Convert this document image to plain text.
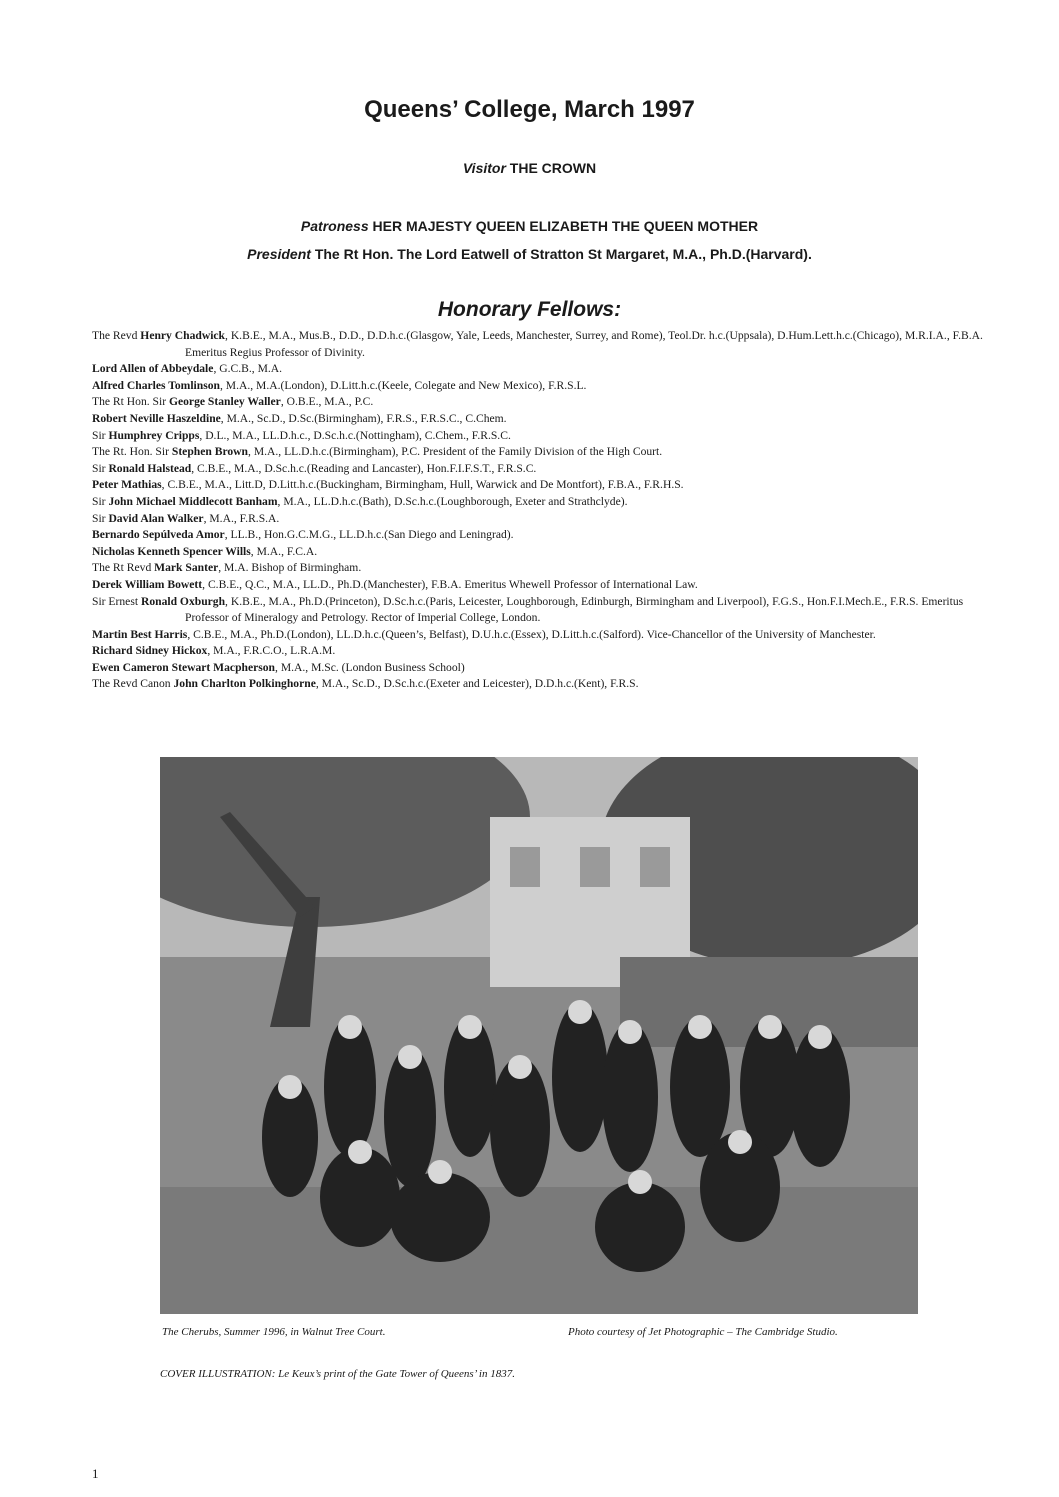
Queens’ College, March 1997
Visitor THE CROWN
Patroness HER MAJESTY QUEEN ELIZABETH THE QUEEN MOTHER
President The Rt Hon. The Lord Eatwell of Stratton St Margaret, M.A., Ph.D.(Harvard).
Honorary Fellows:
The Revd Henry Chadwick, K.B.E., M.A., Mus.B., D.D., D.D.h.c.(Glasgow, Yale, Leeds, Manchester, Surrey, and Rome), Teol.Dr. h.c.(Uppsala), D.Hum.Lett.h.c.(Chicago), M.R.I.A., F.B.A. Emeritus Regius Professor of Divinity.
Lord Allen of Abbeydale, G.C.B., M.A.
Alfred Charles Tomlinson, M.A., M.A.(London), D.Litt.h.c.(Keele, Colegate and New Mexico), F.R.S.L.
The Rt Hon. Sir George Stanley Waller, O.B.E., M.A., P.C.
Robert Neville Haszeldine, M.A., Sc.D., D.Sc.(Birmingham), F.R.S., F.R.S.C., C.Chem.
Sir Humphrey Cripps, D.L., M.A., LL.D.h.c., D.Sc.h.c.(Nottingham), C.Chem., F.R.S.C.
The Rt. Hon. Sir Stephen Brown, M.A., LL.D.h.c.(Birmingham), P.C. President of the Family Division of the High Court.
Sir Ronald Halstead, C.B.E., M.A., D.Sc.h.c.(Reading and Lancaster), Hon.F.I.F.S.T., F.R.S.C.
Peter Mathias, C.B.E., M.A., Litt.D, D.Litt.h.c.(Buckingham, Birmingham, Hull, Warwick and De Montfort), F.B.A., F.R.H.S.
Sir John Michael Middlecott Banham, M.A., LL.D.h.c.(Bath), D.Sc.h.c.(Loughborough, Exeter and Strathclyde).
Sir David Alan Walker, M.A., F.R.S.A.
Bernardo Sepúlveda Amor, LL.B., Hon.G.C.M.G., LL.D.h.c.(San Diego and Leningrad).
Nicholas Kenneth Spencer Wills, M.A., F.C.A.
The Rt Revd Mark Santer, M.A. Bishop of Birmingham.
Derek William Bowett, C.B.E., Q.C., M.A., LL.D., Ph.D.(Manchester), F.B.A. Emeritus Whewell Professor of International Law.
Sir Ernest Ronald Oxburgh, K.B.E., M.A., Ph.D.(Princeton), D.Sc.h.c.(Paris, Leicester, Loughborough, Edinburgh, Birmingham and Liverpool), F.G.S., Hon.F.I.Mech.E., F.R.S. Emeritus Professor of Mineralogy and Petrology. Rector of Imperial College, London.
Martin Best Harris, C.B.E., M.A., Ph.D.(London), LL.D.h.c.(Queen’s, Belfast), D.U.h.c.(Essex), D.Litt.h.c.(Salford). Vice-Chancellor of the University of Manchester.
Richard Sidney Hickox, M.A., F.R.C.O., L.R.A.M.
Ewen Cameron Stewart Macpherson, M.A., M.Sc. (London Business School)
The Revd Canon John Charlton Polkinghorne, M.A., Sc.D., D.Sc.h.c.(Exeter and Leicester), D.D.h.c.(Kent), F.R.S.
The Cherubs, Summer 1996, in Walnut Tree Court.	Photo courtesy of Jet Photographic – The Cambridge Studio.
COVER ILLUSTRATION: Le Keux’s print of the Gate Tower of Queens’ in 1837.
1
